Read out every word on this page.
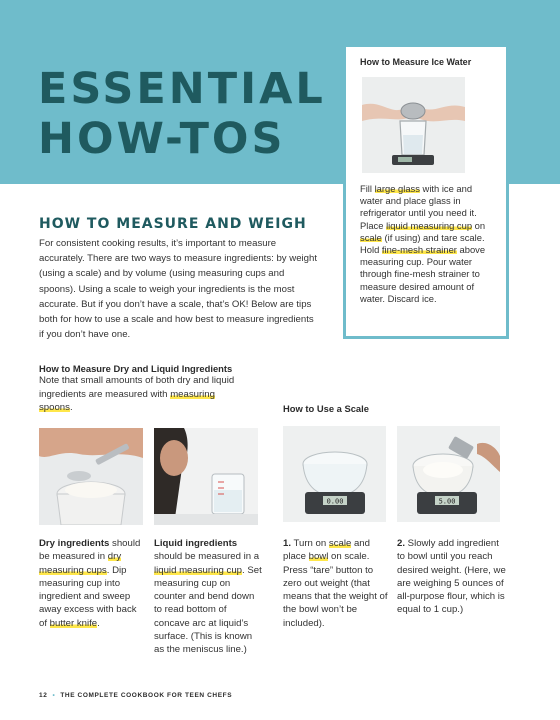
ESSENTIAL
HOW-TOS
How to Measure Ice Water

Fill large glass with ice and water and place glass in refrigerator until you need it. Place liquid measuring cup on scale (if using) and tare scale. Hold fine-mesh strainer above measuring cup. Pour water through fine-mesh strainer to measure desired amount of water. Discard ice.

HOW TO MEASURE AND WEIGH

For consistent cooking results, it’s important to measure accurately. There are two ways to measure ingredients: by weight (using a scale) and by volume (using measuring cups and spoons). Using a scale to weigh your ingredients is the most accurate. But if you don’t have a scale, that’s OK! Below are tips both for how to use a scale and how best to measure ingredients if you don’t have one.

How to Measure Dry and Liquid Ingredients

Note that small amounts of both dry and liquid ingredients are measured with measuring spoons.	How to Use a Scale
0.00	5.00

Dry ingredients should be measured in dry measuring cups. Dip measuring cup into ingredient and sweep away excess with back of butter knife.

Liquid ingredients should be measured in a liquid measuring cup. Set measuring cup on counter and bend down to read bottom of concave arc at liquid’s surface. (This is known as the meniscus line.)

1. Turn on scale and place bowl on scale. Press “tare” button to zero out weight (that means that the weight of the bowl won’t be included).

2. Slowly add ingredient to bowl until you reach desired weight. (Here, we are weighing 5 ounces of all-purpose flour, which is equal to 1 cup.)

12 • THE COMPLETE COOKBOOK FOR TEEN CHEFS
